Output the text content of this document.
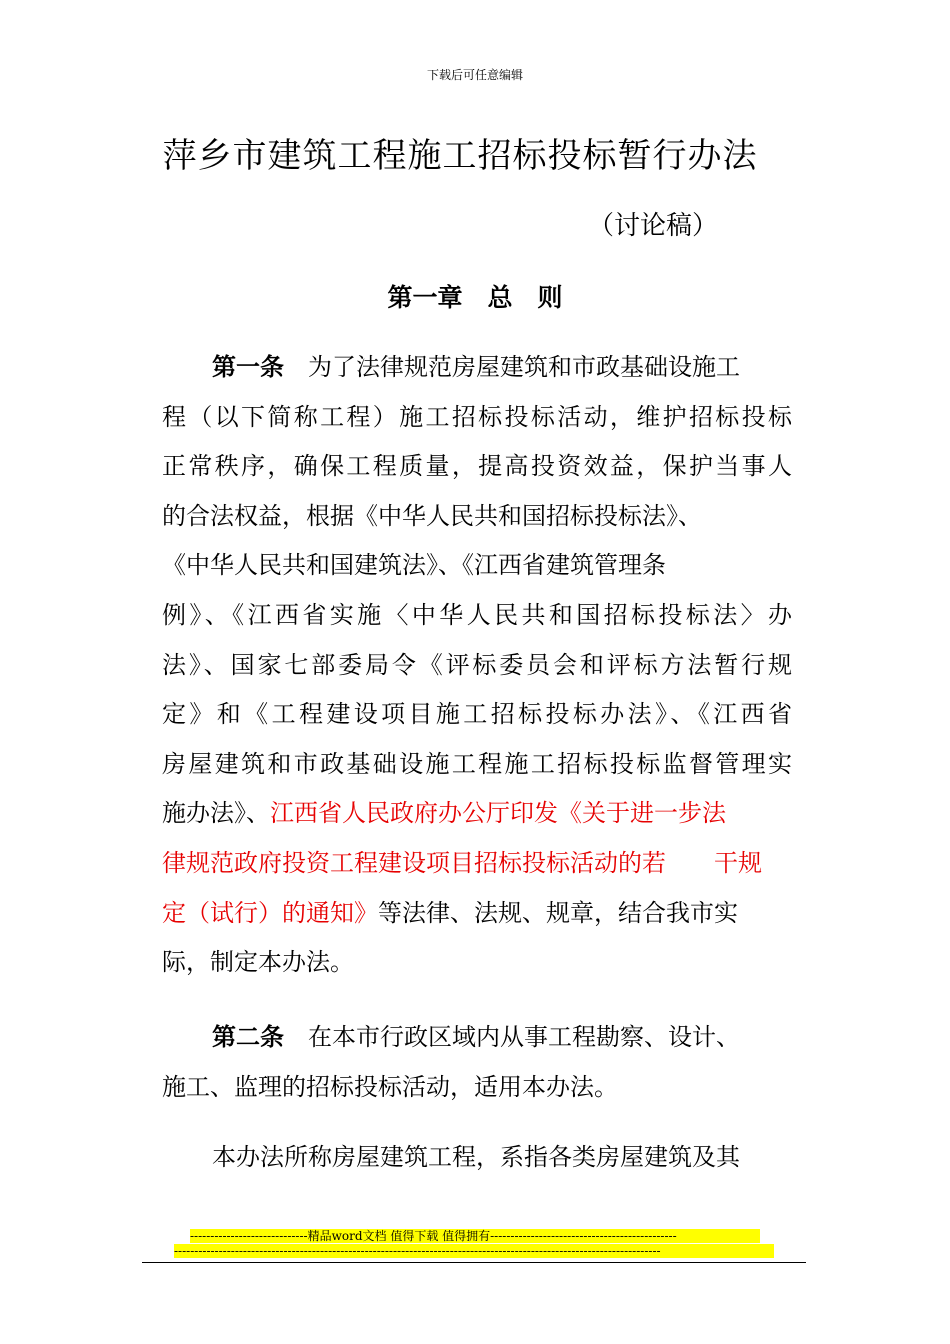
下载后可任意编辑
萍乡市建筑工程施工招标投标暂行办法
（讨论稿）
第一章　总　则
第一条　 为了法律规范房屋建筑和市政基础设施工
程（以下简称工程）施工招标投标活动，维护招标投标
正常秩序，确保工程质量，提高投资效益，保护当事人
的合法权益，根据《中华人民共和国招标投标法》、
《中华人民共和国建筑法》、《江西省建筑管理条
例》、《江西省实施〈中华人民共和国招标投标法〉办
法》、国家七部委局令《评标委员会和评标方法暂行规
定》和《工程建设项目施工招标投标办法》、《江西省
房屋建筑和市政基础设施工程施工招标投标监督管理实
施办法》、江西省人民政府办公厅印发《关于进一步法
律规范政府投资工程建设项目招标投标活动的若 干规
定（试行）的通知》等法律、法规、规章，结合我市实
际，制定本办法。
第二条　 在本市行政区域内从事工程勘察、设计、
施工、监理的招标投标活动，适用本办法。
本办法所称房屋建筑工程，系指各类房屋建筑及其
-----------------------------精品word文档 值得下载 值得拥有----------------------------------------------
------------------------------------------------------------------------------------------------------------------------
